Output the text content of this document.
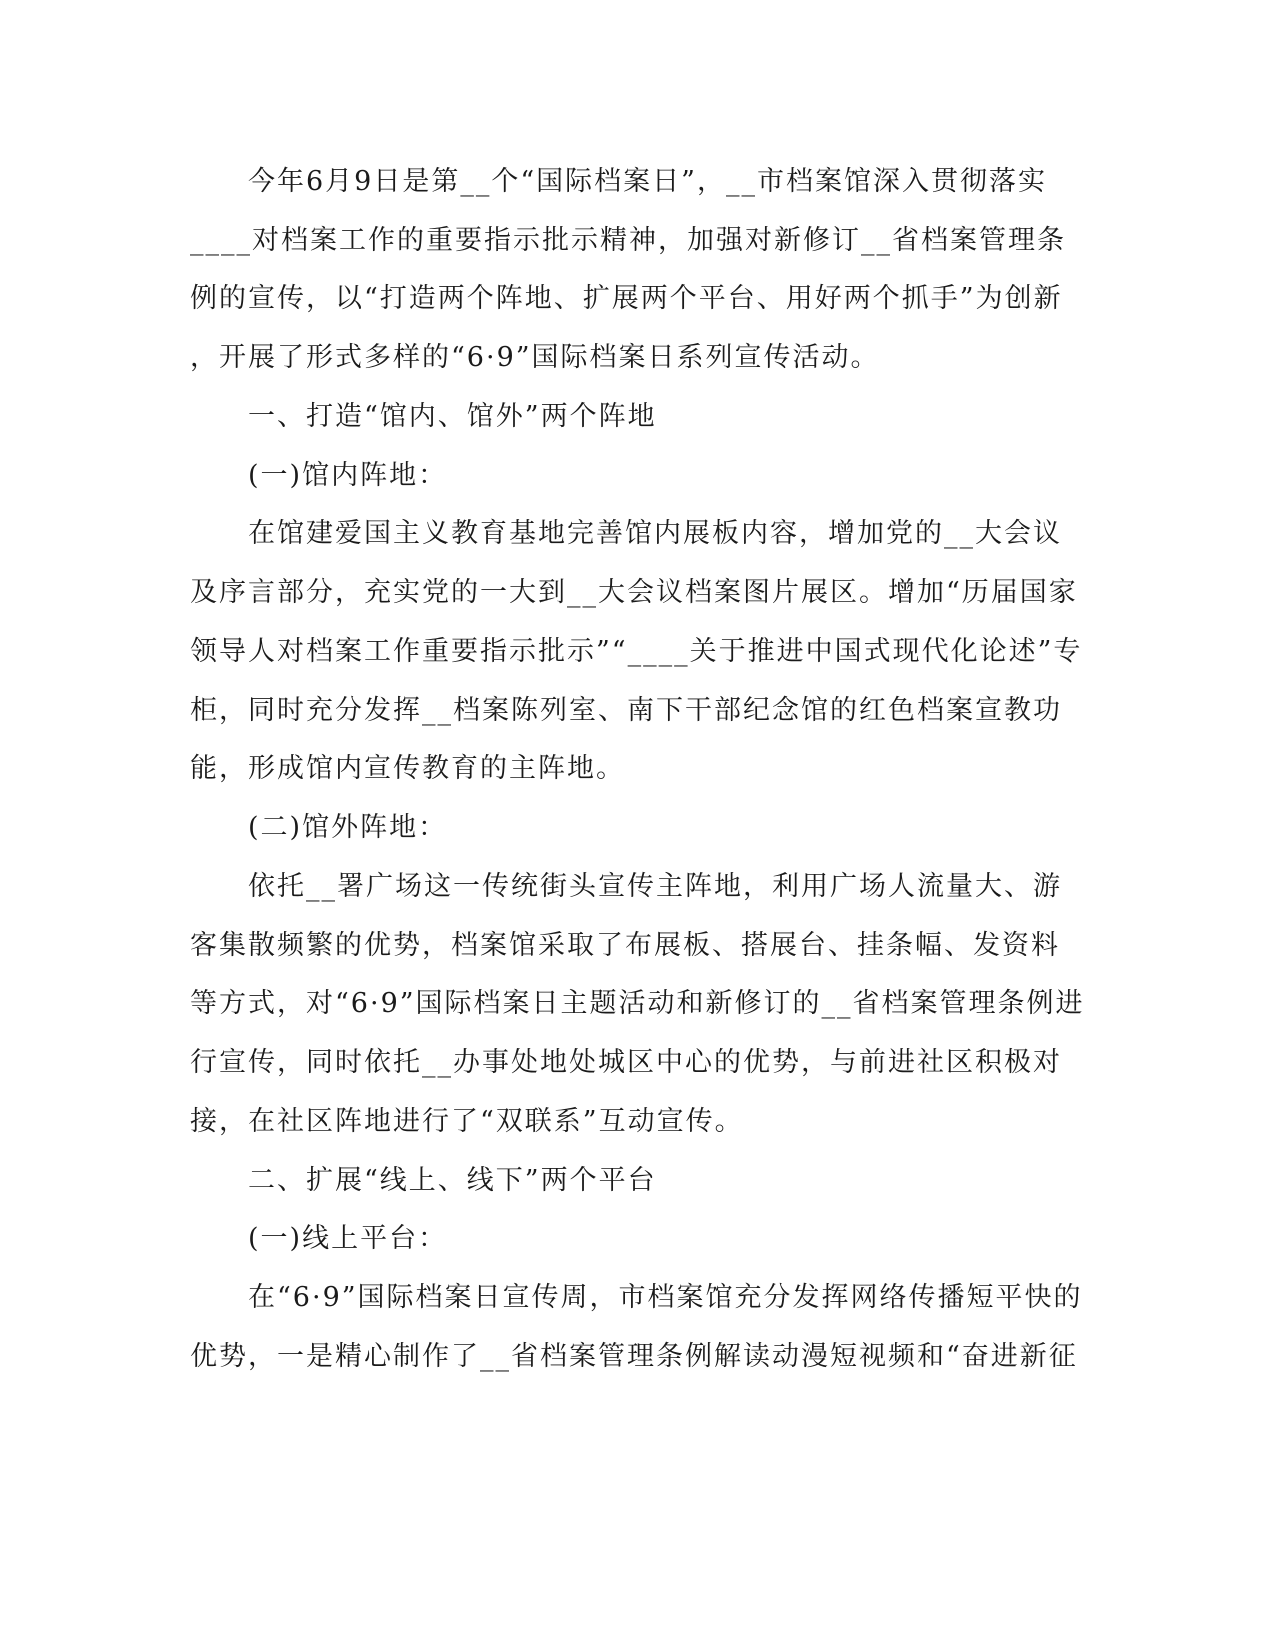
　　今年6月9日是第__个“国际档案日”，__市档案馆深入贯彻落实
____对档案工作的重要指示批示精神，加强对新修订__省档案管理条
例的宣传，以“打造两个阵地、扩展两个平台、用好两个抓手”为创新
，开展了形式多样的“6·9”国际档案日系列宣传活动。
　　一、打造“馆内、馆外”两个阵地
　　(一)馆内阵地：
　　在馆建爱国主义教育基地完善馆内展板内容，增加党的__大会议
及序言部分，充实党的一大到__大会议档案图片展区。增加“历届国家
领导人对档案工作重要指示批示”“____关于推进中国式现代化论述”专
柜，同时充分发挥__档案陈列室、南下干部纪念馆的红色档案宣教功
能，形成馆内宣传教育的主阵地。
　　(二)馆外阵地：
　　依托__署广场这一传统街头宣传主阵地，利用广场人流量大、游
客集散频繁的优势，档案馆采取了布展板、搭展台、挂条幅、发资料
等方式，对“6·9”国际档案日主题活动和新修订的__省档案管理条例进
行宣传，同时依托__办事处地处城区中心的优势，与前进社区积极对
接，在社区阵地进行了“双联系”互动宣传。
　　二、扩展“线上、线下”两个平台
　　(一)线上平台：
　　在“6·9”国际档案日宣传周，市档案馆充分发挥网络传播短平快的
优势，一是精心制作了__省档案管理条例解读动漫短视频和“奋进新征
